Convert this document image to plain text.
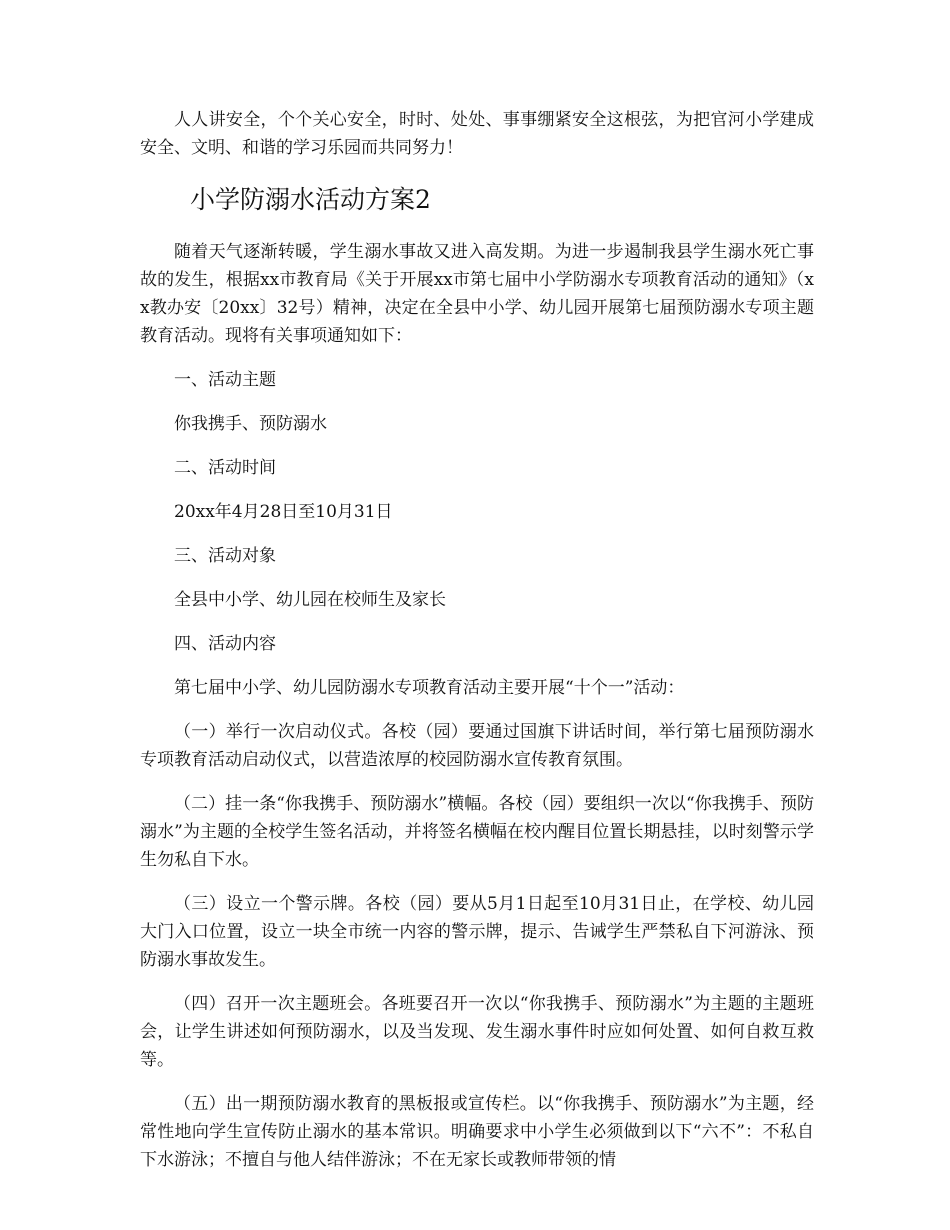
人人讲安全，个个关心安全，时时、处处、事事绷紧安全这根弦，为把官河小学建成安全、文明、和谐的学习乐园而共同努力！

小学防溺水活动方案2

随着天气逐渐转暖，学生溺水事故又进入高发期。为进一步遏制我县学生溺水死亡事故的发生，根据xx市教育局《关于开展xx市第七届中小学防溺水专项教育活动的通知》（xx教办安〔20xx〕32号）精神，决定在全县中小学、幼儿园开展第七届预防溺水专项主题教育活动。现将有关事项通知如下：

一、活动主题

你我携手、预防溺水

二、活动时间

20xx年4月28日至10月31日

三、活动对象

全县中小学、幼儿园在校师生及家长

四、活动内容

第七届中小学、幼儿园防溺水专项教育活动主要开展“十个一”活动：

（一）举行一次启动仪式。各校（园）要通过国旗下讲话时间，举行第七届预防溺水专项教育活动启动仪式，以营造浓厚的校园防溺水宣传教育氛围。

（二）挂一条“你我携手、预防溺水”横幅。各校（园）要组织一次以“你我携手、预防溺水”为主题的全校学生签名活动，并将签名横幅在校内醒目位置长期悬挂，以时刻警示学生勿私自下水。

（三）设立一个警示牌。各校（园）要从5月1日起至10月31日止，在学校、幼儿园大门入口位置，设立一块全市统一内容的警示牌，提示、告诫学生严禁私自下河游泳、预防溺水事故发生。

（四）召开一次主题班会。各班要召开一次以“你我携手、预防溺水”为主题的主题班会，让学生讲述如何预防溺水，以及当发现、发生溺水事件时应如何处置、如何自救互救等。

（五）出一期预防溺水教育的黑板报或宣传栏。以“你我携手、预防溺水”为主题，经常性地向学生宣传防止溺水的基本常识。明确要求中小学生必须做到以下“六不”：不私自下水游泳；不擅自与他人结伴游泳；不在无家长或教师带领的情
